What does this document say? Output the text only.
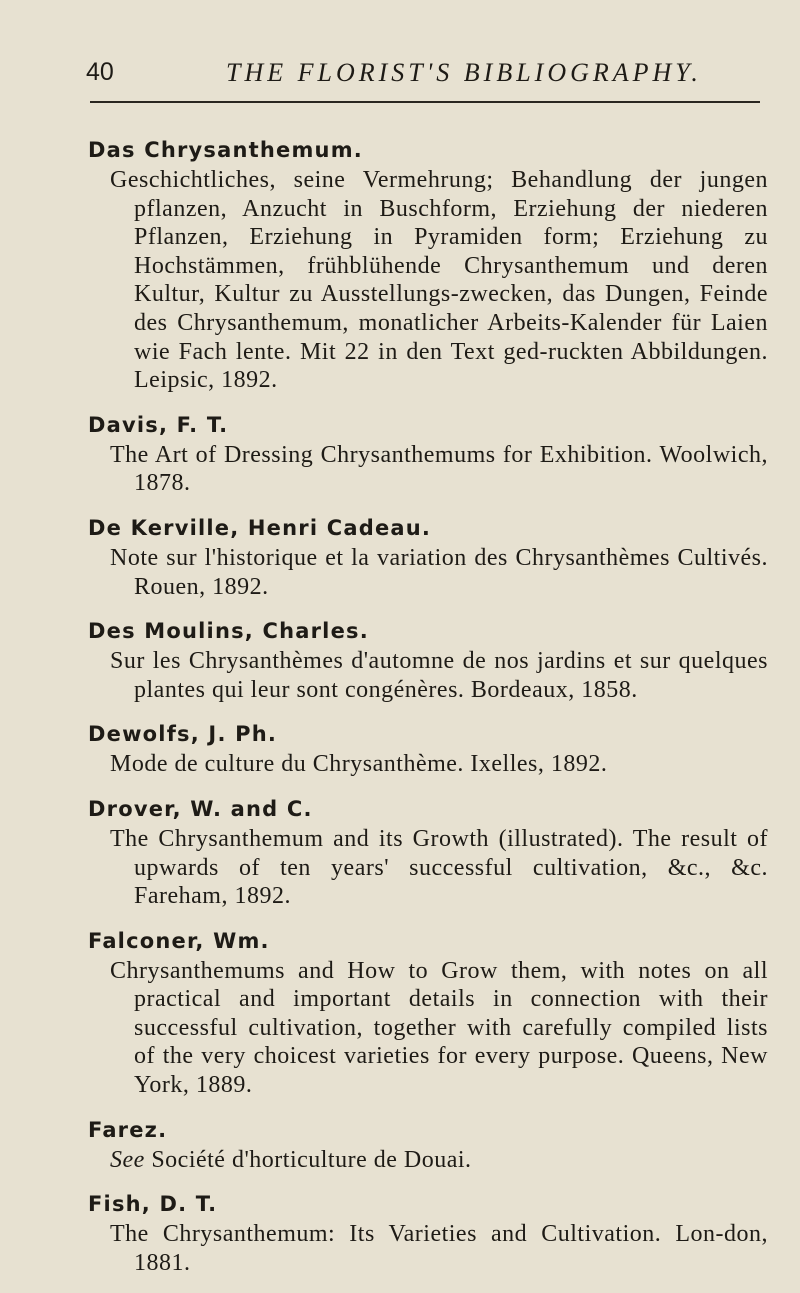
40	THE FLORIST'S BIBLIOGRAPHY.
Das Chrysanthemum.
Geschichtliches, seine Vermehrung; Behandlung der jungen pflanzen, Anzucht in Buschform, Erziehung der niederen Pflanzen, Erziehung in Pyramiden form; Erziehung zu Hochstämmen, frühblühende Chrysanthemum und deren Kultur, Kultur zu Ausstellungs-zwecken, das Dungen, Feinde des Chrysanthemum, monatlicher Arbeits-Kalender für Laien wie Fach lente. Mit 22 in den Text ged-ruckten Abbildungen. Leipsic, 1892.
Davis, F. T.
The Art of Dressing Chrysanthemums for Exhibition. Woolwich, 1878.
De Kerville, Henri Cadeau.
Note sur l'historique et la variation des Chrysanthèmes Cultivés. Rouen, 1892.
Des Moulins, Charles.
Sur les Chrysanthèmes d'automne de nos jardins et sur quelques plantes qui leur sont congénères. Bordeaux, 1858.
Dewolfs, J. Ph.
Mode de culture du Chrysanthème. Ixelles, 1892.
Drover, W. and C.
The Chrysanthemum and its Growth (illustrated). The result of upwards of ten years' successful cultivation, &c., &c. Fareham, 1892.
Falconer, Wm.
Chrysanthemums and How to Grow them, with notes on all practical and important details in connection with their successful cultivation, together with carefully compiled lists of the very choicest varieties for every purpose. Queens, New York, 1889.
Farez.
See Société d'horticulture de Douai.
Fish, D. T.
The Chrysanthemum: Its Varieties and Cultivation. Lon-don, 1881.
